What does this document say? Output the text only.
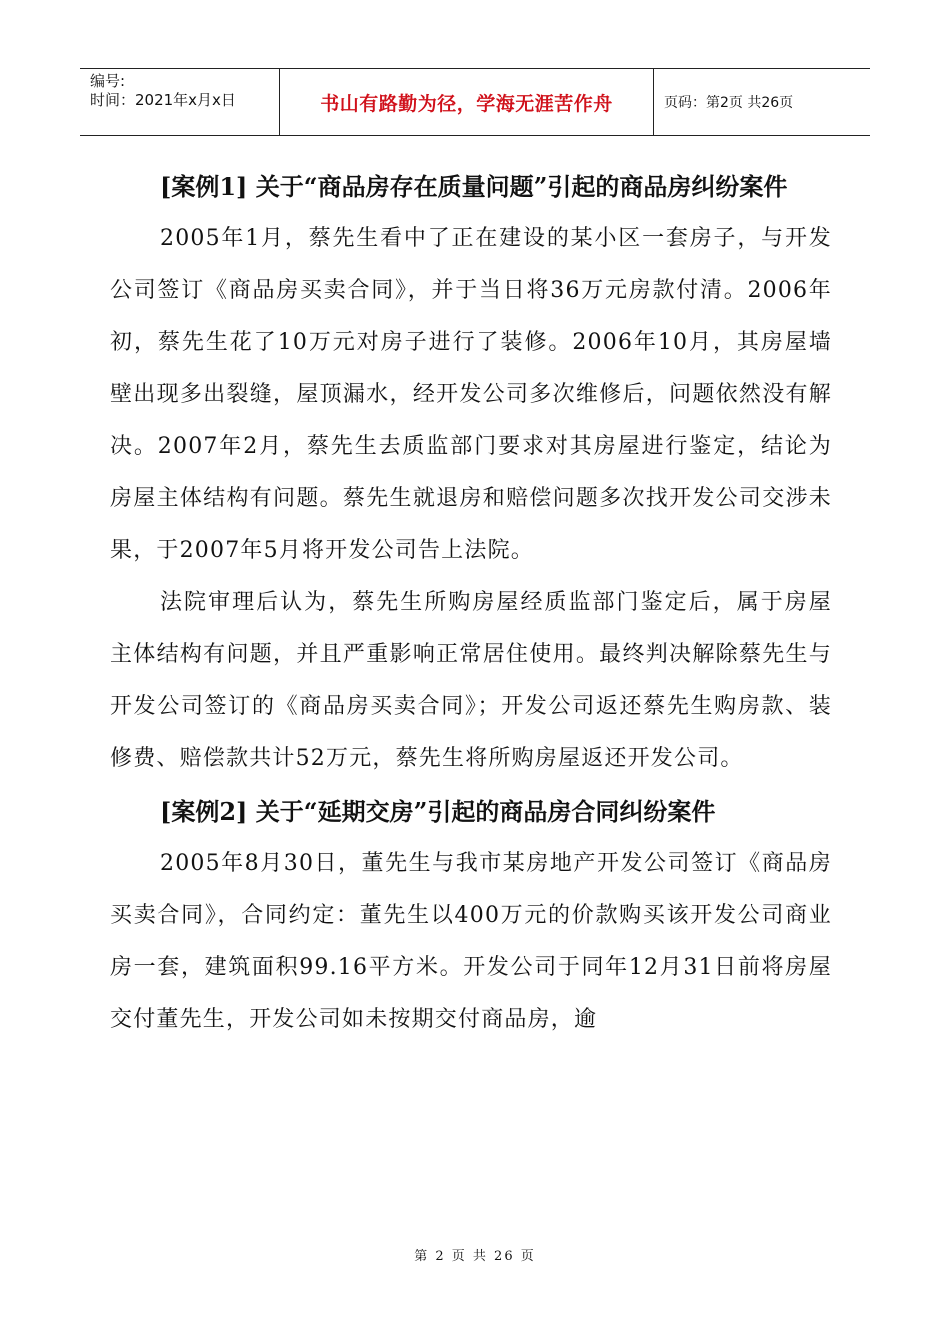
编号:
时间：2021年x月x日	书山有路勤为径，学海无涯苦作舟	页码：第2页 共26页

[案例1] 关于“商品房存在质量问题”引起的商品房纠纷案件

2005年1月，蔡先生看中了正在建设的某小区一套房子，与开发公司签订《商品房买卖合同》，并于当日将36万元房款付清。2006年初，蔡先生花了10万元对房子进行了装修。2006年10月，其房屋墙壁出现多出裂缝，屋顶漏水，经开发公司多次维修后，问题依然没有解决。2007年2月，蔡先生去质监部门要求对其房屋进行鉴定，结论为房屋主体结构有问题。蔡先生就退房和赔偿问题多次找开发公司交涉未果，于2007年5月将开发公司告上法院。

法院审理后认为，蔡先生所购房屋经质监部门鉴定后，属于房屋主体结构有问题，并且严重影响正常居住使用。最终判决解除蔡先生与开发公司签订的《商品房买卖合同》；开发公司返还蔡先生购房款、装修费、赔偿款共计52万元，蔡先生将所购房屋返还开发公司。

[案例2] 关于“延期交房”引起的商品房合同纠纷案件

2005年8月30日，董先生与我市某房地产开发公司签订《商品房买卖合同》，合同约定：董先生以400万元的价款购买该开发公司商业房一套，建筑面积99.16平方米。开发公司于同年12月31日前将房屋交付董先生，开发公司如未按期交付商品房，逾

第 2 页 共 26 页
